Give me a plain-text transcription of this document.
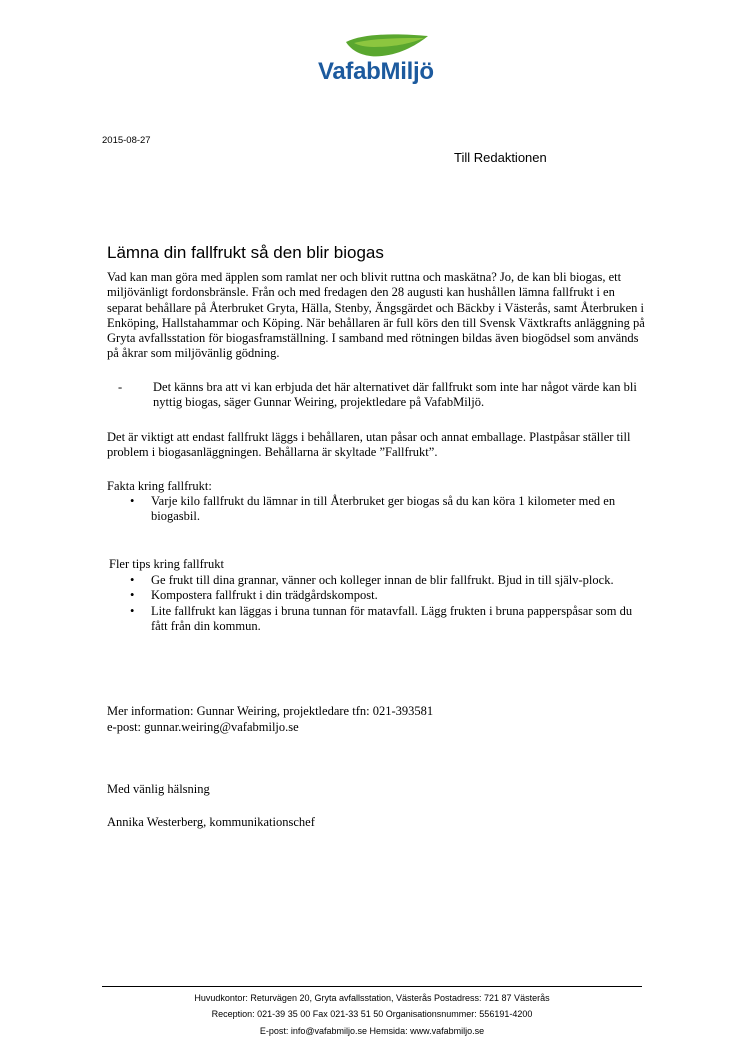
VafabMiljö
2015-08-27
Till Redaktionen
Lämna din fallfrukt så den blir biogas

Vad kan man göra med äpplen som ramlat ner och blivit ruttna och maskätna? Jo, de kan bli biogas, ett miljövänligt fordonsbränsle. Från och med fredagen den 28 augusti kan hushållen lämna fallfrukt i en separat behållare på Återbruket Gryta, Hälla, Stenby, Ängsgärdet och Bäckby i Västerås, samt Återbruken i Enköping, Hallstahammar och Köping. När behållaren är full körs den till Svensk Växtkrafts anläggning på Gryta avfallsstation för biogasframställning. I samband med rötningen bildas även biogödsel som används på åkrar som miljövänlig gödning.

-	Det känns bra att vi kan erbjuda det här alternativet där fallfrukt som inte har något värde kan bli nyttig biogas, säger Gunnar Weiring, projektledare på VafabMiljö.

Det är viktigt att endast fallfrukt läggs i behållaren, utan påsar och annat emballage. Plastpåsar ställer till problem i biogasanläggningen. Behållarna är skyltade ”Fallfrukt”.

Fakta kring fallfrukt:

• Varje kilo fallfrukt du lämnar in till Återbruket ger biogas så du kan köra 1 kilometer med en biogasbil.

Fler tips kring fallfrukt

• Ge frukt till dina grannar, vänner och kolleger innan de blir fallfrukt. Bjud in till själv-plock.
• Kompostera fallfrukt i din trädgårdskompost.
• Lite fallfrukt kan läggas i bruna tunnan för matavfall. Lägg frukten i bruna papperspåsar som du fått från din kommun.

Mer information: Gunnar Weiring, projektledare tfn: 021-393581

e-post: gunnar.weiring@vafabmiljo.se

Med vänlig hälsning

Annika Westerberg, kommunikationschef

Huvudkontor: Returvägen 20, Gryta avfallsstation, Västerås Postadress: 721 87 Västerås
Reception: 021-39 35 00 Fax 021-33 51 50 Organisationsnummer: 556191-4200
E-post: info@vafabmiljo.se Hemsida: www.vafabmiljo.se
